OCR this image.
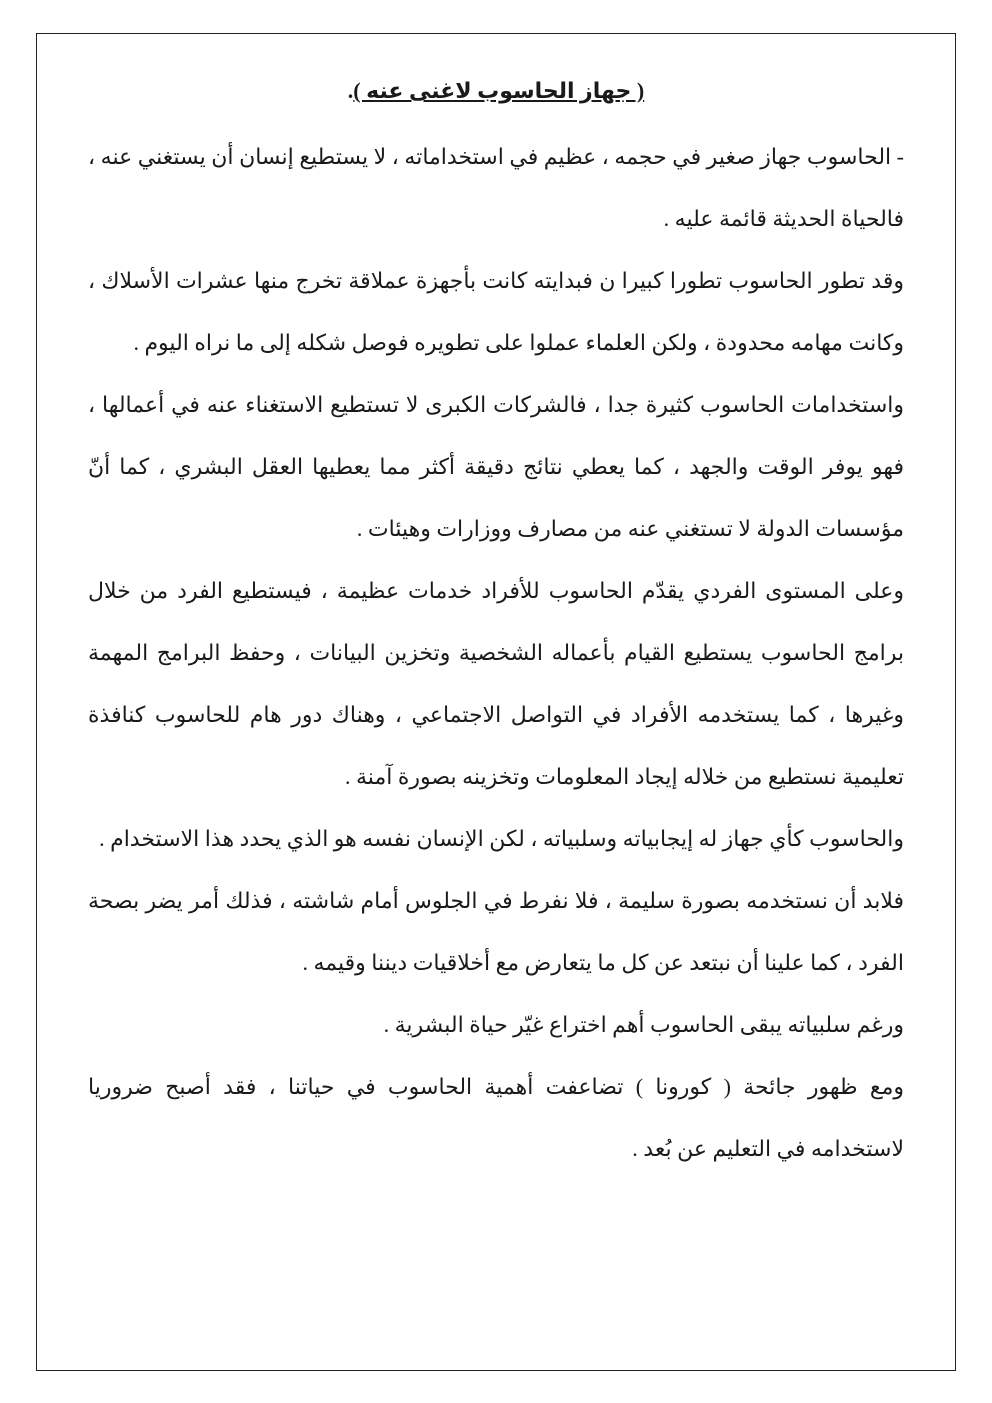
( جهاز الحاسوب لاغنى عنه ).

- الحاسوب جهاز صغير في حجمه ، عظيم في استخداماته ، لا يستطيع إنسان أن يستغني عنه ، فالحياة الحديثة قائمة عليه .

وقد تطور الحاسوب تطورا كبيرا ن فبدايته كانت بأجهزة عملاقة تخرج منها عشرات الأسلاك ، وكانت مهامه محدودة ، ولكن العلماء عملوا على تطويره فوصل شكله إلى ما نراه اليوم .

واستخدامات الحاسوب كثيرة جدا ، فالشركات الكبرى لا تستطيع الاستغناء عنه في أعمالها ، فهو يوفر الوقت والجهد ، كما يعطي نتائج دقيقة أكثر مما يعطيها العقل البشري ، كما أنّ مؤسسات الدولة لا تستغني عنه من مصارف ووزارات وهيئات .

وعلى المستوى الفردي يقدّم الحاسوب للأفراد خدمات عظيمة ، فيستطيع الفرد من خلال برامج الحاسوب يستطيع القيام بأعماله الشخصية وتخزين البيانات ، وحفظ البرامج المهمة وغيرها ، كما يستخدمه الأفراد في التواصل الاجتماعي ، وهناك دور هام للحاسوب كنافذة تعليمية نستطيع من خلاله إيجاد المعلومات وتخزينه بصورة آمنة .

والحاسوب كأي جهاز له إيجابياته وسلبياته ، لكن الإنسان نفسه هو الذي يحدد هذا الاستخدام .

فلابد أن نستخدمه بصورة سليمة ، فلا نفرط في الجلوس أمام شاشته ، فذلك أمر يضر بصحة الفرد ، كما علينا أن نبتعد عن كل ما يتعارض مع أخلاقيات ديننا وقيمه .

ورغم سلبياته يبقى الحاسوب أهم اختراع غيّر حياة البشرية .

ومع ظهور جائحة ( كورونا ) تضاعفت أهمية الحاسوب في حياتنا ، فقد أصبح ضروريا لاستخدامه في التعليم عن بُعد .
